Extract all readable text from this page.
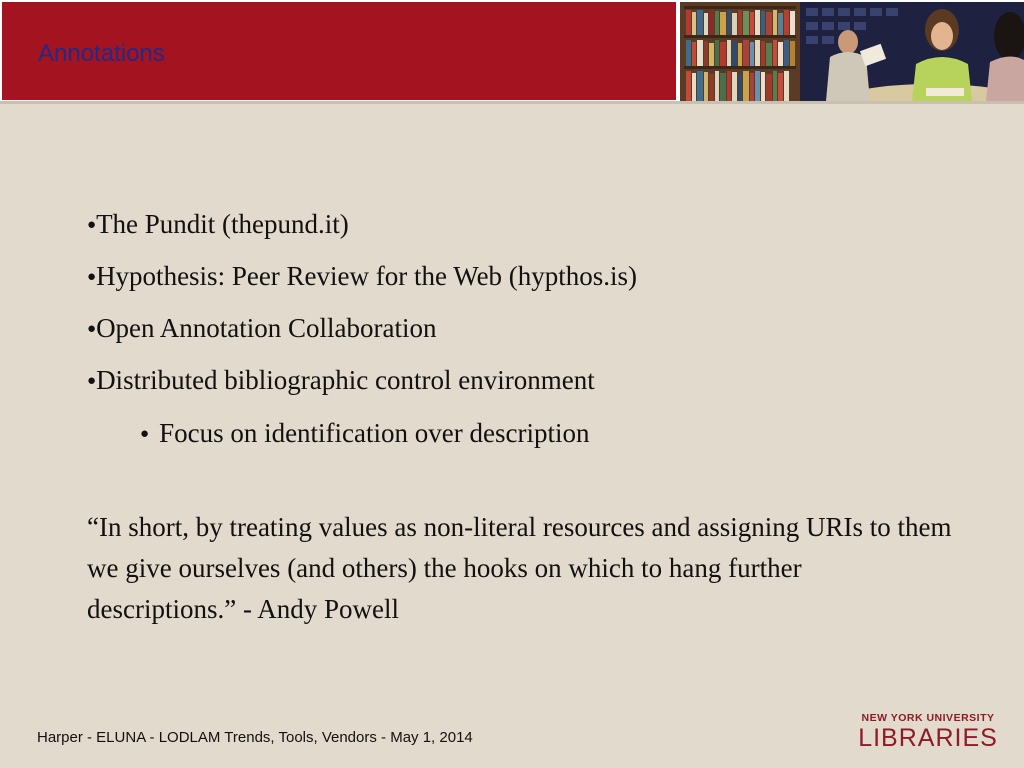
Annotations
●The Pundit (thepund.it)
●Hypothesis: Peer Review for the Web (hypthos.is)
●Open Annotation Collaboration
●Distributed bibliographic control environment
● Focus on identification over description
“In short, by treating values as non-literal resources and assigning URIs to them we give ourselves (and others) the hooks on which to hang further descriptions.” - Andy Powell
Harper - ELUNA - LODLAM Trends, Tools, Vendors - May 1, 2014
NEW YORK UNIVERSITY
LIBRARIES
